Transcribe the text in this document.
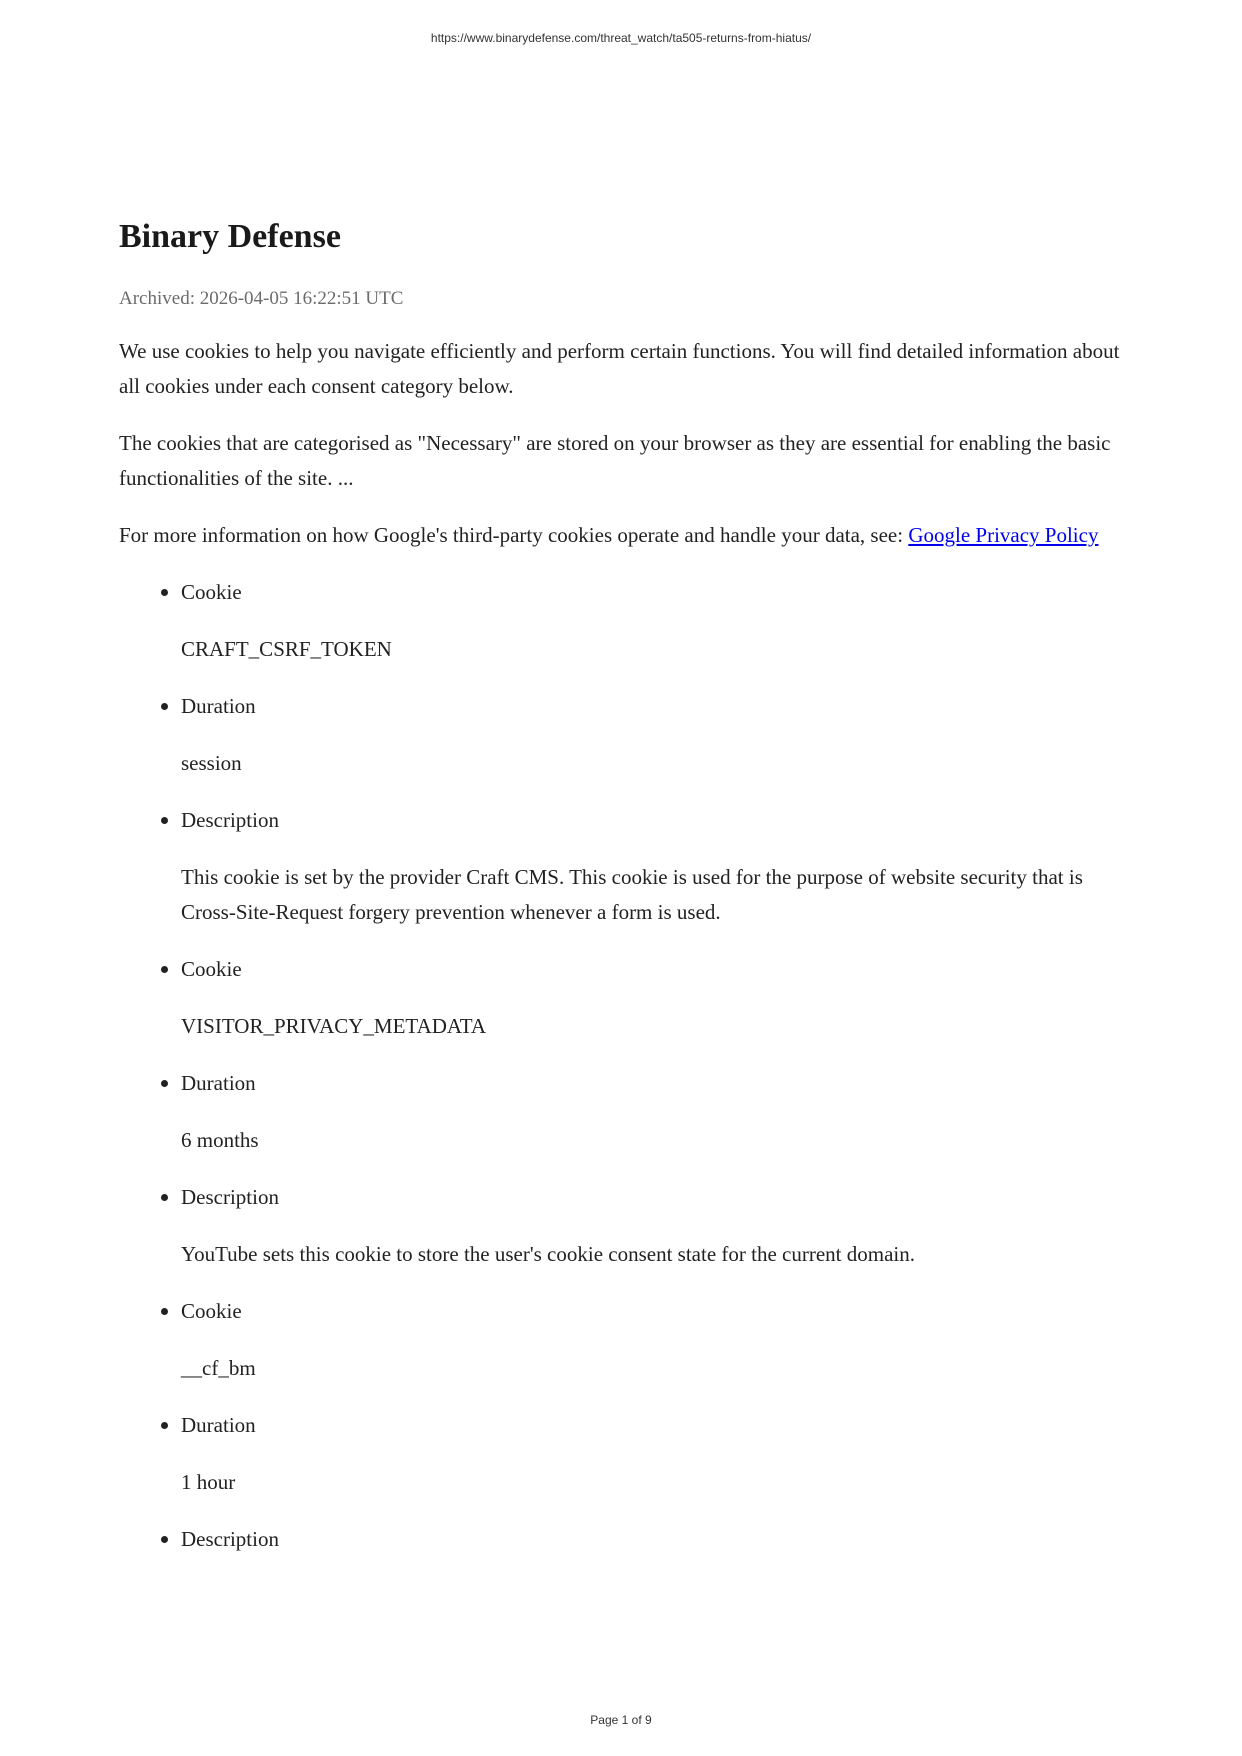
https://www.binarydefense.com/threat_watch/ta505-returns-from-hiatus/

Binary Defense

Archived: 2026-04-05 16:22:51 UTC

We use cookies to help you navigate efficiently and perform certain functions. You will find detailed information about all cookies under each consent category below.

The cookies that are categorised as "Necessary" are stored on your browser as they are essential for enabling the basic functionalities of the site. ...

For more information on how Google's third-party cookies operate and handle your data, see: Google Privacy Policy

Cookie
CRAFT_CSRF_TOKEN
Duration
session
Description
This cookie is set by the provider Craft CMS. This cookie is used for the purpose of website security that is Cross-Site-Request forgery prevention whenever a form is used.
Cookie
VISITOR_PRIVACY_METADATA
Duration
6 months
Description
YouTube sets this cookie to store the user's cookie consent state for the current domain.
Cookie
__cf_bm
Duration
1 hour
Description

Page 1 of 9
